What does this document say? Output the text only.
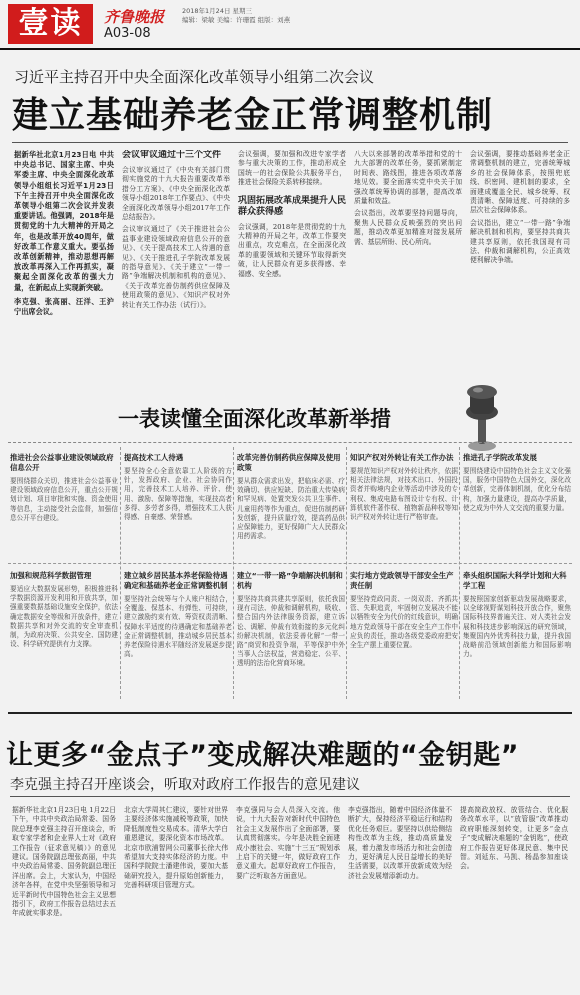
壹读	齐鲁晚报
A03-08
2018年1月24日 星期三
编辑：梁敏 美编：许珊霞 组版：刘燕
习近平主持召开中央全面深化改革领导小组第二次会议
建立基础养老金正常调整机制

据新华社北京1月23日电 中共中央总书记、国家主席、中央军委主席、中央全面深化改革领导小组组长习近平1月23日下午主持召开中央全面深化改革领导小组第二次会议并发表重要讲话。他强调，2018年是贯彻党的十九大精神的开局之年，也是改革开放40周年，做好改革工作意义重大。要弘扬改革创新精神，推动思想再解放改革再深入工作再抓实，凝聚起全面深化改革的强大力量，在新起点上实现新突破。

李克强、张高丽、汪洋、王沪宁出席会议。

会议审议通过十三个文件

会议审议通过了《中央有关部门贯彻实施党的十九大报告重要改革举措分工方案》、《中央全面深化改革领导小组2018年工作要点》、《中央全面深化改革领导小组2017年工作总结报告》。

会议审议通过了《关于推进社会公益事业建设领域政府信息公开的意见》、《关于提高技术工人待遇的意见》、《关于推进孔子学院改革发展的指导意见》、《关于建立“一带一路”争端解决机制和机构的意见》、《关于改革完善仿制药供应保障及使用政策的意见》、《知识产权对外转让有关工作办法（试行）》。

会议强调，要加强和改进专家学者参与重大决策的工作，推动形成全国统一的社会保险公共服务平台，推进社会保险关系转移接续。

巩固拓展改革成果提升人民群众获得感

会议强调，2018年是贯彻党的十九大精神的开局之年，改革工作要突出重点，攻克难点，在全面深化改革的重要领域和关键环节取得新突破，让人民群众有更多获得感、幸福感、安全感。

八大以来部署的改革举措和党的十九大部署的改革任务，要抓紧制定时间表、路线图，推进各项改革落地见效。要全面落实党中央关于加强改革统筹协调的部署，提高改革质量和效益。

会议指出，改革要坚持问题导向，聚焦人民群众反映强烈的突出问题，推动改革更加精准对接发展所需、基层所盼、民心所向。

会议强调，要推动基础养老金正常调整机制的建立，完善统筹城乡的社会保障体系，按照兜底线、织密网、建机制的要求，全面建成覆盖全民、城乡统筹、权责清晰、保障适度、可持续的多层次社会保障体系。

会议指出，建立“一带一路”争端解决机制和机构，要坚持共商共建共享原则，依托我国现有司法、仲裁和调解机构，公正高效便利解决争端。

一表读懂全面深化改革新举措
推进社会公益事业建设领域政府信息公开
要围绕群众关切，推进社会公益事业建设领域政府信息公开，重点公开规划计划、项目审批和实施、资金使用等信息，主动接受社会监督，加强信息公开平台建设。
提高技术工人待遇
要坚持全心全意依靠工人阶级的方针，发挥政府、企业、社会协同作用，完善技术工人培养、评价、使用、激励、保障等措施，实现技高者多得、多劳者多得，增强技术工人获得感、自豪感、荣誉感。
改革完善仿制药供应保障及使用政策
要从群众需求出发，把临床必需、疗效确切、供应短缺、防治重大传染病和罕见病、处置突发公共卫生事件、儿童用药等作为重点，促进仿制药研发创新，提升质量疗效，提高药品供应保障能力，更好保障广大人民群众用药需求。
知识产权对外转让有关工作办法
要规范知识产权对外转让秩序，依据相关法律法规，对技术出口、外国投资者并购境内企业等活动中涉及的专利权、集成电路布图设计专有权、计算机软件著作权、植物新品种权等知识产权对外转让进行严格审查。
推进孔子学院改革发展
要围绕建设中国特色社会主义文化强国，服务中国特色大国外交，深化改革创新，完善体制机制，优化分布结构，加强力量建设，提高办学质量，使之成为中外人文交流的重要力量。
加强和规范科学数据管理
要适应大数据发展形势，积极推进科学数据资源开发利用和开放共享，加强重要数据基础设施安全保护，依法确定数据安全等级和开放条件，建立数据共享和对外交流的安全审查机制，为政府决策、公共安全、国防建设、科学研究提供有力支撑。
建立城乡居民基本养老保险待遇确定和基础养老金正常调整机制
要坚持社会统筹与个人账户相结合，全覆盖、保基本、有弹性、可持续，建立激励约束有效、筹资权责清晰、保障水平适度的待遇确定和基础养老金正常调整机制，推动城乡居民基本养老保险待遇水平随经济发展逐步提高。
建立“一带一路”争端解决机制和机构
要坚持共商共建共享原则，依托我国现有司法、仲裁和调解机构，吸收、整合国内外法律服务资源，建立诉讼、调解、仲裁有效衔接的多元化纠纷解决机制，依法妥善化解“一带一路”商贸和投资争端，平等保护中外当事人合法权益，营造稳定、公平、透明的法治化营商环境。
实行地方党政领导干部安全生产责任制
要坚持党政同责、一岗双责、齐抓共管、失职追责，牢固树立发展决不能以牺牲安全为代价的红线意识，明确地方党政领导干部在安全生产工作中应负的责任，推动各级党委政府把安全生产摆上重要位置。
牵头组织国际大科学计划和大科学工程
要按照国家创新驱动发展战略要求，以全球视野谋划科技开放合作，聚焦国际科技界普遍关注、对人类社会发展和科技进步影响深远的研究领域，集聚国内外优秀科技力量，提升我国战略前沿领域创新能力和国际影响力。
让更多“金点子”变成解决难题的“金钥匙”
李克强主持召开座谈会，听取对政府工作报告的意见建议

据新华社北京1月23日电 1月22日下午，中共中央政治局常委、国务院总理李克强主持召开座谈会，听取专家学者和企业界人士对《政府工作报告（征求意见稿）》的意见建议。国务院副总理张高丽，中共中央政治局常委、国务院副总理汪洋出席。会上，大家认为，中国经济年各样，在党中央坚强领导和习近平新时代中国特色社会主义思想指引下，政府工作报告总结过去五年成就实事求是。

北京大学周其仁建议，要针对世界主要经济体实施减税等政策，加快降低制度性交易成本。清华大学白重恩建议，要深化资本市场改革。北京市欧浦智网公司董事长徐大伟希望加大支持实体经济的力度。中国科学院院士潘建伟说，要加大基础研究投入，提升原始创新能力，完善科研项目管理方式。

李克强同与会人员深入交流。他说，十九大报告对新时代中国特色社会主义发展作出了全面部署，要认真贯彻落实。今年是决胜全面建成小康社会、实施“十三五”规划承上启下的关键一年，做好政府工作意义重大。起草好政府工作报告，要广泛听取各方面意见。

李克强指出，随着中国经济体量不断扩大，保持经济平稳运行和结构优化任务艰巨。要坚持以供给侧结构性改革为主线，推动高质量发展，着力激发市场活力和社会创造力，更好满足人民日益增长的美好生活需要，以改革开放新成效为经济社会发展增添新动力。

提高简政放权、放管结合、优化服务改革水平，以“放管服”改革推动政府职能深刻转变，让更多“金点子”变成解决难题的“金钥匙”，使政府工作报告更好体现民意、集中民智。刘延东、马凯、杨晶参加座谈会。
